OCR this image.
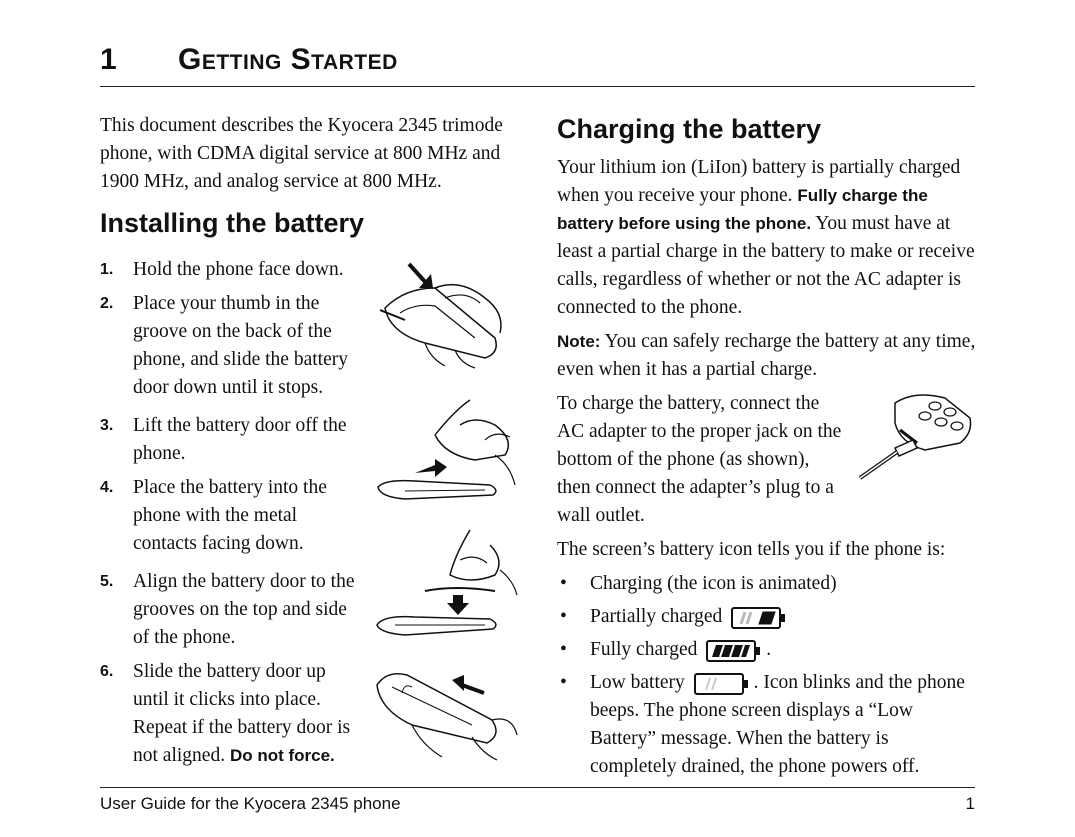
1 Getting Started

This document describes the Kyocera 2345 trimode phone, with CDMA digital service at 800 MHz and 1900 MHz, and analog service at 800 MHz.

Installing the battery
1. Hold the phone face down.
2. Place your thumb in the groove on the back of the phone, and slide the battery door down until it stops.
3. Lift the battery door off the phone.
4. Place the battery into the phone with the metal contacts facing down.
5. Align the battery door to the grooves on the top and side of the phone.
6. Slide the battery door up until it clicks into place. Repeat if the battery door is not aligned. Do not force.
Charging the battery

Your lithium ion (LiIon) battery is partially charged when you receive your phone. Fully charge the battery before using the phone. You must have at least a partial charge in the battery to make or receive calls, regardless of whether or not the AC adapter is connected to the phone.

Note: You can safely recharge the battery at any time, even when it has a partial charge.

To charge the battery, connect the AC adapter to the proper jack on the bottom of the phone (as shown), then connect the adapter’s plug to a wall outlet.

The screen’s battery icon tells you if the phone is:

• Charging (the icon is animated)
• Partially charged
• Fully charged	.
• Low battery	. Icon blinks and the phone beeps. The phone screen displays a “Low Battery” message. When the battery is completely drained, the phone powers off.
User Guide for the Kyocera 2345 phone	1
